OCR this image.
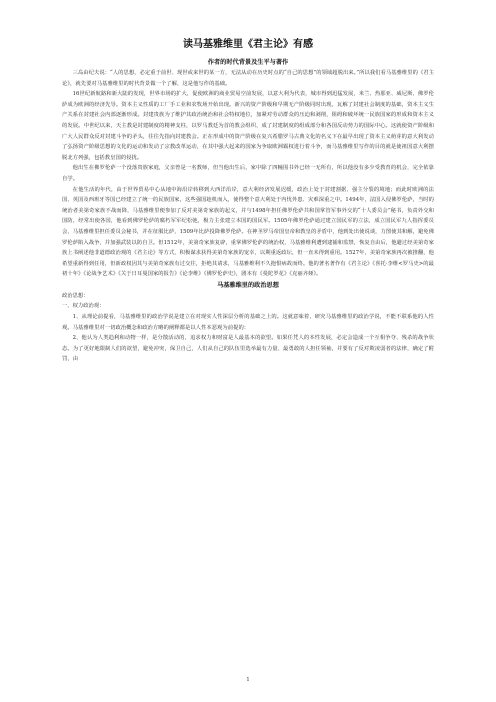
读马基雅维里《君主论》有感
作者的时代背景及生平与著作

三岛由纪夫说：“人的思想，必定重于前世、现世或来世的某一方，无法从动在历史时点的“自己的思想”的领域超脱出来。”所以我们看马基雅维里的《君主论》，就先要对马基雅维里的时代背景做一个了解，这是他写作的基础。

16世纪新航路和新大陆的发现，世界市场的扩大，促使欧洲的商业贸易空前发展，以意大利为代表，城市得到迅猛发展，米兰、热那亚、威尼斯、佛罗伦萨成为欧洲的经济先导。资本主义性质的工厂手工业和农牧场开始出现。新兴的资产阶级和早期无产阶级同时出现，瓦解了封建社会制度的基础，资本主义生产关系在封建社会内部逐渐形成。封建贵族为了维护其政治统治和社会特权地位，加紧对劳动群众的压迫和剥削，阻碍和破坏统一民族国家的形成和资本主义的发展。中世纪以来，天主教是封建制度的精神支柱，以罗马教廷为首的教会组织，成了封建制度的组成部分和各国反动势力的国际中心。这就使资产阶级和广大人民群众反对封建斗争的矛头，往往先指向封建教会。正在形成中的资产阶级在复兴希腊罗马古典文化的名义下在最早出现了资本主义萌芽的意大利发动了弘扬资产阶级思想的文化的运动和发动了宗教改革运动，在其中强大起来的国家为争取欧洲霸权进行着斗争，而马基雅维里写作的目的就是使祖国意大利摆脱北方列强，包括教皇国的侵扰。

他出生在佛罗伦萨一个没落贵族家庭，父亲曾是一名教师，但当他出生后，家中除了四幢围书外已经一无所有，所以他没有多少受教育的机会，完全依靠自学。

在他生活的年代，由于世界贸易中心从地中海沿岸转移到大西洋沿岸，意大利经济发展迟缓，政治上处于封建割据、强主分裂的境地；而此时欧洲的法国、英国及西班牙等国已经建立了统一的民族国家，这些强国趁机而入，使得整个意大利处于内忧外患、灾难深重之中。1494年，法国入侵佛罗伦萨，当时的统治者美第奇家族不战而降，马基雅维里便参加了反对美第奇家族的起义，并与1498年担任佛罗伦萨共和国掌管军事外交的“十人委员会”秘书，负责外交和国防，经常出使各国，他看到佛罗伦萨的腐朽军军纪松弛，极力主张建立本国的国民军。1505年佛罗伦萨通过建立国民军的立法，成立国民军九人指挥委员会，马基雅维里担任委员会秘书，并在征服比萨，1509年比萨投降佛罗伦萨。在神圣罗马帝国皇帝和教皇的矛盾中，他到处出使说谈，力图使其和解，避免佛罗伦萨陷入战争，并加强武装以防自卫。但1512年，美第奇家族复辟，重掌佛罗伦萨的统治权，马基雅维利遭到逮捕和监禁，恢复自由后，他避过经美第奇家族上书阐述他非道德政治观的《君主论》等方式，积极谋求获得美第奇家族的宠幸，以期重返政坛，但一直未得到重用。1527年，美第奇家族再次被推翻，他希望重新得到任用，但新政权因其与美第奇家族有过交往，拒绝其请求，马基雅维利不久抱恨病故而终。他的著名著作有《君主论》《喜托·李维<罗马史>的最初十年》《论战争艺术》《关于日耳曼国家的报告》《论李维》《佛罗伦萨史》，剧本有《曼陀罗花》《克丽齐娅》。

马基雅维里的政治思想

政治思想：

一、权力政治观：

1、从理论前提看，马基雅维里的政治学说是建立在对现实人性深层分析的基础之上的。这就意味着，研究马基雅维里的政治学说，不能不联系他的人性观。马基雅维里对一切政治概念和政治方略的阐释都是以人性本恶观为前提的：

2、他认为人类趋利和动物一样，是分散活动的，追求权力和财富是人最基本的欲望。如果任凭人的本性发展，必定会造成一个互相争夺、残杀的战争状态。为了更好地限制人们的欲望，避免冲突，保卫自己，人们从自己的队伍里选举最有力量、最勇敢的人担任领袖，并要有了反对欺凌弱者的法律，确定了附罚，由

1
